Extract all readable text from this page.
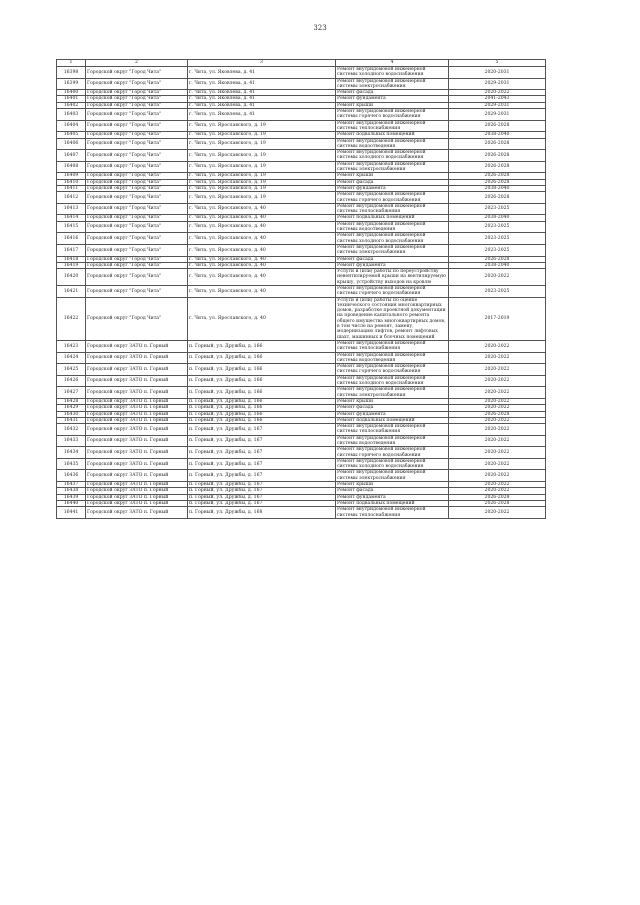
323
1	2	3	4	5
16398	Городской округ "Город Чита"	г. Чита, ул. Яковлева, д. 41	Ремонт внутридомовой инженерной системы холодного водоснабжения	2020-2031
16399	Городской округ "Город Чита"	г. Чита, ул. Яковлева, д. 41	Ремонт внутридомовой инженерной системы электроснабжения	2029-2031
16400	Городской округ "Город Чита"	г. Чита, ул. Яковлева, д. 41	Ремонт фасада	2020-2022
16401	Городской округ "Город Чита"	г. Чита, ул. Яковлева, д. 41	Ремонт фундамента	2041-2043
16402	Городской округ "Город Чита"	г. Чита, ул. Яковлева, д. 41	Ремонт крыши	2029-2031
16403	Городской округ "Город Чита"	г. Чита, ул. Яковлева, д. 41	Ремонт внутридомовой инженерной системы горячего водоснабжения	2029-2031
16404	Городской округ "Город Чита"	г. Чита, ул. Ярославского, д. 19	Ремонт внутридомовой инженерной системы теплоснабжения	2026-2028
16405	Городской округ "Город Чита"	г. Чита, ул. Ярославского, д. 19	Ремонт подвальных помещений	2038-2040
16406	Городской округ "Город Чита"	г. Чита, ул. Ярославского, д. 19	Ремонт внутридомовой инженерной системы водоотведения	2026-2028
16407	Городской округ "Город Чита"	г. Чита, ул. Ярославского, д. 19	Ремонт внутридомовой инженерной системы холодного водоснабжения	2026-2028
16408	Городской округ "Город Чита"	г. Чита, ул. Ярославского, д. 19	Ремонт внутридомовой инженерной системы электроснабжения	2026-2028
16409	Городской округ "Город Чита"	г. Чита, ул. Ярославского, д. 19	Ремонт крыши	2026-2028
16410	Городской округ "Город Чита"	г. Чита, ул. Ярославского, д. 19	Ремонт фасада	2026-2028
16411	Городской округ "Город Чита"	г. Чита, ул. Ярославского, д. 19	Ремонт фундамента	2038-2040
16412	Городской округ "Город Чита"	г. Чита, ул. Ярославского, д. 19	Ремонт внутридомовой инженерной системы горячего водоснабжения	2026-2028
16413	Городской округ "Город Чита"	г. Чита, ул. Ярославского, д. 40	Ремонт внутридомовой инженерной системы теплоснабжения	2023-2025
16414	Городской округ "Город Чита"	г. Чита, ул. Ярославского, д. 40	Ремонт подвальных помещений	2038-2040
16415	Городской округ "Город Чита"	г. Чита, ул. Ярославского, д. 40	Ремонт внутридомовой инженерной системы водоотведения	2023-2025
16416	Городской округ "Город Чита"	г. Чита, ул. Ярославского, д. 40	Ремонт внутридомовой инженерной системы холодного водоснабжения	2023-2025
16417	Городской округ "Город Чита"	г. Чита, ул. Ярославского, д. 40	Ремонт внутридомовой инженерной системы электроснабжения	2023-2025
16418	Городской округ "Город Чита"	г. Чита, ул. Ярославского, д. 40	Ремонт фасада	2026-2028
16419	Городской округ "Город Чита"	г. Чита, ул. Ярославского, д. 40	Ремонт фундамента	2038-2040
16420	Городской округ "Город Чита"	г. Чита, ул. Ярославского, д. 40	Услуги и (или) работы по переустройству невентилируемой крыши на вентилируемую крышу, устройству выходов на кровлю	2020-2022
16421	Городской округ "Город Чита"	г. Чита, ул. Ярославского, д. 40	Ремонт внутридомовой инженерной системы горячего водоснабжения	2023-2025
16422	Городской округ "Город Чита"	г. Чита, ул. Ярославского, д. 40	Услуги и (или) работы по оценке технического состояния многоквартирных домов, разработке проектной документации на проведение капитального ремонта общего имущества многоквартирных домов, в том числе на ремонт, замену, модернизацию лифтов, ремонт лифтовых шахт, машинных и блочных помещений	2017-2019
16423	Городской округ ЗАТО п. Горный	п. Горный, ул. Дружбы, д. 166	Ремонт внутридомовой инженерной системы теплоснабжения	2020-2022
16424	Городской округ ЗАТО п. Горный	п. Горный, ул. Дружбы, д. 166	Ремонт внутридомовой инженерной системы водоотведения	2020-2022
16425	Городской округ ЗАТО п. Горный	п. Горный, ул. Дружбы, д. 166	Ремонт внутридомовой инженерной системы горячего водоснабжения	2020-2022
16426	Городской округ ЗАТО п. Горный	п. Горный, ул. Дружбы, д. 166	Ремонт внутридомовой инженерной системы холодного водоснабжения	2020-2022
16427	Городской округ ЗАТО п. Горный	п. Горный, ул. Дружбы, д. 166	Ремонт внутридомовой инженерной системы электроснабжения	2020-2022
16428	Городской округ ЗАТО п. Горный	п. Горный, ул. Дружбы, д. 166	Ремонт крыши	2020-2022
16429	Городской округ ЗАТО п. Горный	п. Горный, ул. Дружбы, д. 166	Ремонт фасада	2020-2022
16430	Городской округ ЗАТО п. Горный	п. Горный, ул. Дружбы, д. 166	Ремонт фундамента	2026-2028
16431	Городской округ ЗАТО п. Горный	п. Горный, ул. Дружбы, д. 166	Ремонт подвальных помещений	2020-2022
16432	Городской округ ЗАТО п. Горный	п. Горный, ул. Дружбы, д. 167	Ремонт внутридомовой инженерной системы теплоснабжения	2020-2022
16433	Городской округ ЗАТО п. Горный	п. Горный, ул. Дружбы, д. 167	Ремонт внутридомовой инженерной системы водоотведения	2020-2022
16434	Городской округ ЗАТО п. Горный	п. Горный, ул. Дружбы, д. 167	Ремонт внутридомовой инженерной системы горячего водоснабжения	2020-2022
16435	Городской округ ЗАТО п. Горный	п. Горный, ул. Дружбы, д. 167	Ремонт внутридомовой инженерной системы холодного водоснабжения	2020-2022
16436	Городской округ ЗАТО п. Горный	п. Горный, ул. Дружбы, д. 167	Ремонт внутридомовой инженерной системы электроснабжения	2020-2022
16437	Городской округ ЗАТО п. Горный	п. Горный, ул. Дружбы, д. 167	Ремонт крыши	2020-2022
16438	Городской округ ЗАТО п. Горный	п. Горный, ул. Дружбы, д. 167	Ремонт фасада	2020-2022
16439	Городской округ ЗАТО п. Горный	п. Горный, ул. Дружбы, д. 167	Ремонт фундамента	2026-2028
16440	Городской округ ЗАТО п. Горный	п. Горный, ул. Дружбы, д. 167	Ремонт подвальных помещений	2026-2028
16441	Городской округ ЗАТО п. Горный	п. Горный, ул. Дружбы, д. 168	Ремонт внутридомовой инженерной системы теплоснабжения	2020-2022
